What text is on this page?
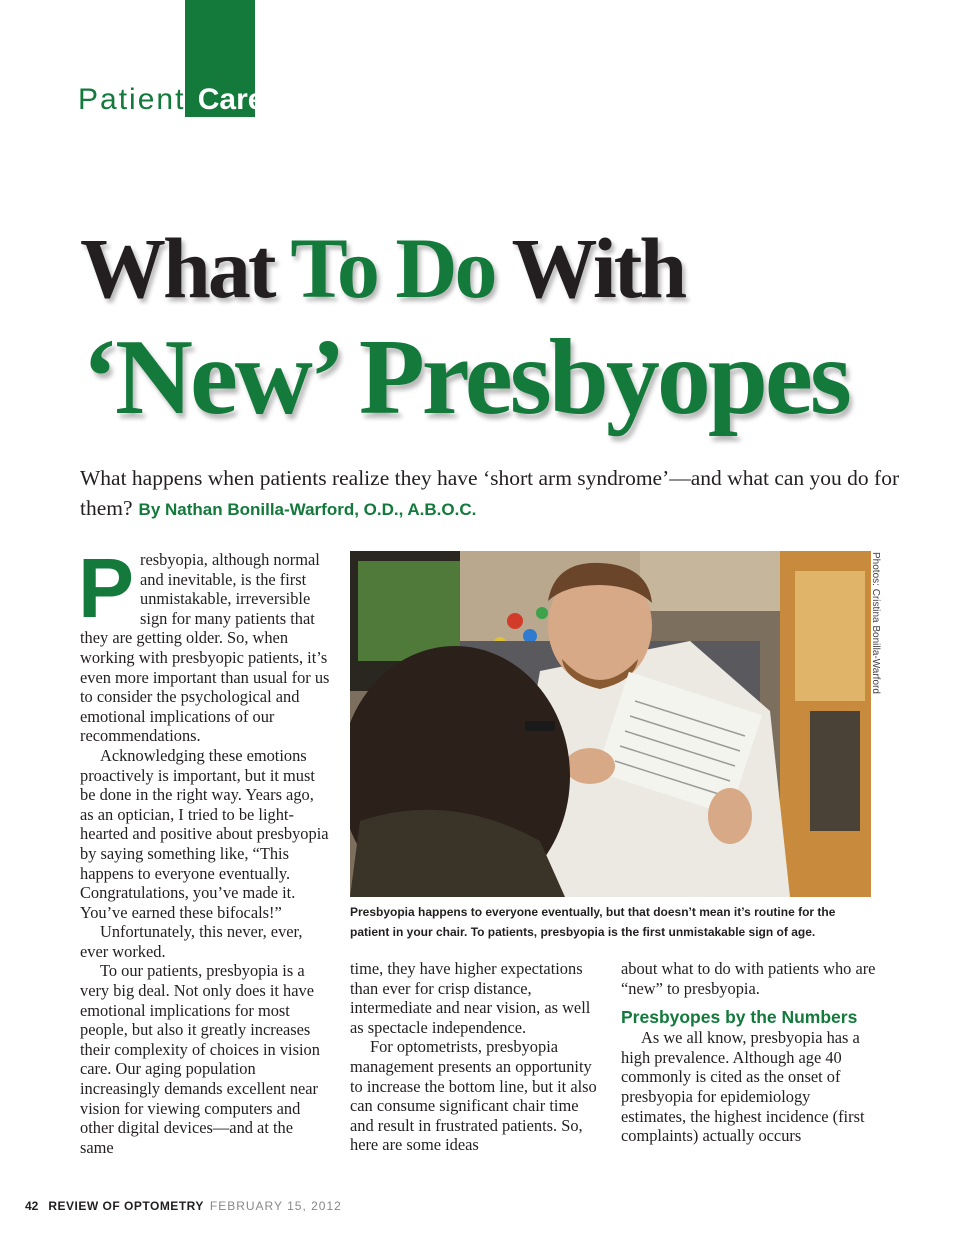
Patient Care
What To Do With
‘New’ Presbyopes
What happens when patients realize they have ‘short arm syndrome’—and what can you do for them? By Nathan Bonilla-Warford, O.D., A.B.O.C.
P resbyopia, although normal and inevitable, is the first unmistakable, irreversible sign for many patients that they are getting older. So, when working with presbyopic patients, it’s even more important than usual for us to consider the psychological and emotional implications of our recommendations.

Acknowledging these emotions proactively is important, but it must be done in the right way. Years ago, as an optician, I tried to be light-hearted and positive about presbyopia by saying something like, “This happens to everyone eventually. Congratulations, you’ve made it. You’ve earned these bifocals!”

Unfortunately, this never, ever, ever worked.

To our patients, presbyopia is a very big deal. Not only does it have emotional implications for most people, but also it greatly increases their complexity of choices in vision care. Our aging population increasingly demands excellent near vision for viewing computers and other digital devices—and at the same

Photos: Cristina Bonilla-Warford
Presbyopia happens to everyone eventually, but that doesn’t mean it’s routine for the patient in your chair. To patients, presbyopia is the first unmistakable sign of age.

time, they have higher expectations than ever for crisp distance, intermediate and near vision, as well as spectacle independence.

For optometrists, presbyopia management presents an opportunity to increase the bottom line, but it also can consume significant chair time and result in frustrated patients. So, here are some ideas

about what to do with patients who are “new” to presbyopia.

Presbyopes by the Numbers

As we all know, presbyopia has a high prevalence. Although age 40 commonly is cited as the onset of presbyopia for epidemiology estimates, the highest incidence (first complaints) actually occurs

42 REVIEW OF OPTOMETRY FEBRUARY 15, 2012
